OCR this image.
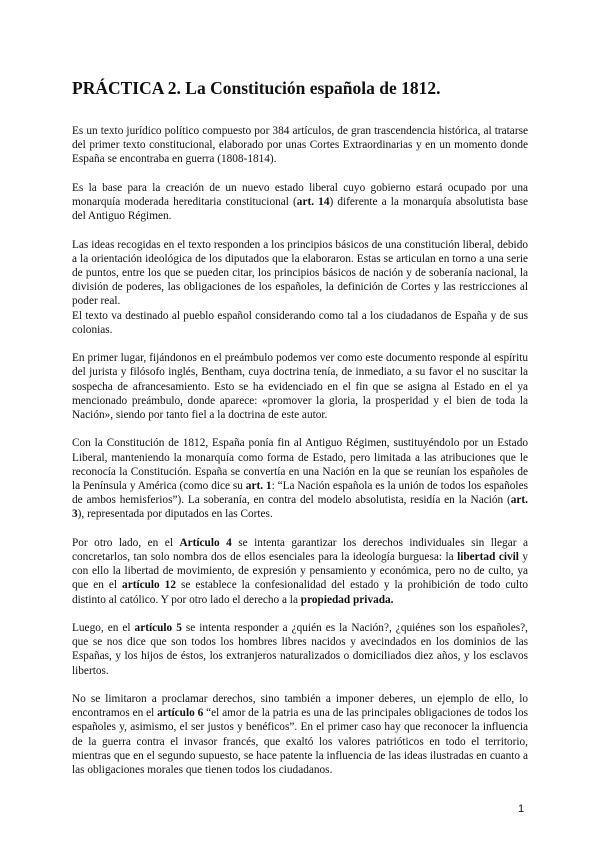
PRÁCTICA 2. La Constitución española de 1812.

Es un texto jurídico político compuesto por 384 artículos, de gran trascendencia histórica, al tratarse del primer texto constitucional, elaborado por unas Cortes Extraordinarias y en un momento donde España se encontraba en guerra (1808-1814).

Es la base para la creación de un nuevo estado liberal cuyo gobierno estará ocupado por una monarquía moderada hereditaria constitucional (art. 14) diferente a la monarquía absolutista base del Antiguo Régimen.

Las ideas recogidas en el texto responden a los principios básicos de una constitución liberal, debido a la orientación ideológica de los diputados que la elaboraron. Estas se articulan en torno a una serie de puntos, entre los que se pueden citar, los principios básicos de nación y de soberanía nacional, la división de poderes, las obligaciones de los españoles, la definición de Cortes y las restricciones al poder real.

El texto va destinado al pueblo español considerando como tal a los ciudadanos de España y de sus colonias.

En primer lugar, fijándonos en el preámbulo podemos ver como este documento responde al espíritu del jurista y filósofo inglés, Bentham, cuya doctrina tenía, de inmediato, a su favor el no suscitar la sospecha de afrancesamiento. Esto se ha evidenciado en el fin que se asigna al Estado en el ya mencionado preámbulo, donde aparece: «promover la gloria, la prosperidad y el bien de toda la Nación», siendo por tanto fiel a la doctrina de este autor.

Con la Constitución de 1812, España ponía fin al Antiguo Régimen, sustituyéndolo por un Estado Liberal, manteniendo la monarquía como forma de Estado, pero limitada a las atribuciones que le reconocía la Constitución. España se convertía en una Nación en la que se reunían los españoles de la Península y América (como dice su art. 1: “La Nación española es la unión de todos los españoles de ambos hemisferios”). La soberanía, en contra del modelo absolutista, residía en la Nación (art. 3), representada por diputados en las Cortes.

Por otro lado, en el Artículo 4 se intenta garantizar los derechos individuales sin llegar a concretarlos, tan solo nombra dos de ellos esenciales para la ideología burguesa: la libertad civil y con ello la libertad de movimiento, de expresión y pensamiento y económica, pero no de culto, ya que en el artículo 12 se establece la confesionalidad del estado y la prohibición de todo culto distinto al católico. Y por otro lado el derecho a la propiedad privada.

Luego, en el artículo 5 se intenta responder a ¿quién es la Nación?, ¿quiénes son los españoles?, que se nos dice que son todos los hombres libres nacidos y avecindados en los dominios de las Españas, y los hijos de éstos, los extranjeros naturalizados o domiciliados diez años, y los esclavos libertos.

No se limitaron a proclamar derechos, sino también a imponer deberes, un ejemplo de ello, lo encontramos en el artículo 6 “el amor de la patria es una de las principales obligaciones de todos los españoles y, asimismo, el ser justos y benéficos”. En el primer caso hay que reconocer la influencia de la guerra contra el invasor francés, que exaltó los valores patrióticos en todo el territorio, mientras que en el segundo supuesto, se hace patente la influencia de las ideas ilustradas en cuanto a las obligaciones morales que tienen todos los ciudadanos.

1
